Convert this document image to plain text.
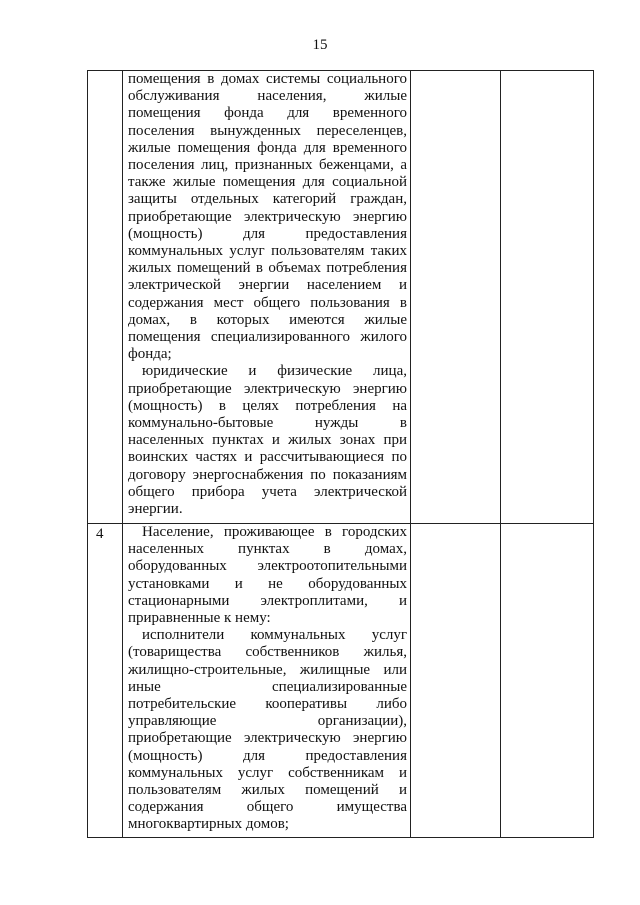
15

	помещения в домах системы социального обслуживания населения, жилые помещения фонда для временного поселения вынужденных переселенцев, жилые помещения фонда для временного поселения лиц, признанных беженцами, а также жилые помещения для социальной защиты отдельных категорий граждан, приобретающие электрическую энергию (мощность) для предоставления коммунальных услуг пользователям таких жилых помещений в объемах потребления электрической энергии населением и содержания мест общего пользования в домах, в которых имеются жилые помещения специализированного жилого фонда;

юридические и физические лица, приобретающие электрическую энергию (мощность) в целях потребления на коммунально-бытовые нужды в населенных пунктах и жилых зонах при воинских частях и рассчитывающиеся по договору энергоснабжения по показаниям общего прибора учета электрической энергии.		

4	Население, проживающее в городских населенных пунктах в домах, оборудованных электроотопительными установками и не оборудованных стационарными электроплитами, и приравненные к нему:

исполнители коммунальных услуг (товарищества собственников жилья, жилищно-строительные, жилищные или иные специализированные потребительские кооперативы либо управляющие организации), приобретающие электрическую энергию (мощность) для предоставления коммунальных услуг собственникам и пользователям жилых помещений и содержания общего имущества многоквартирных домов;		
